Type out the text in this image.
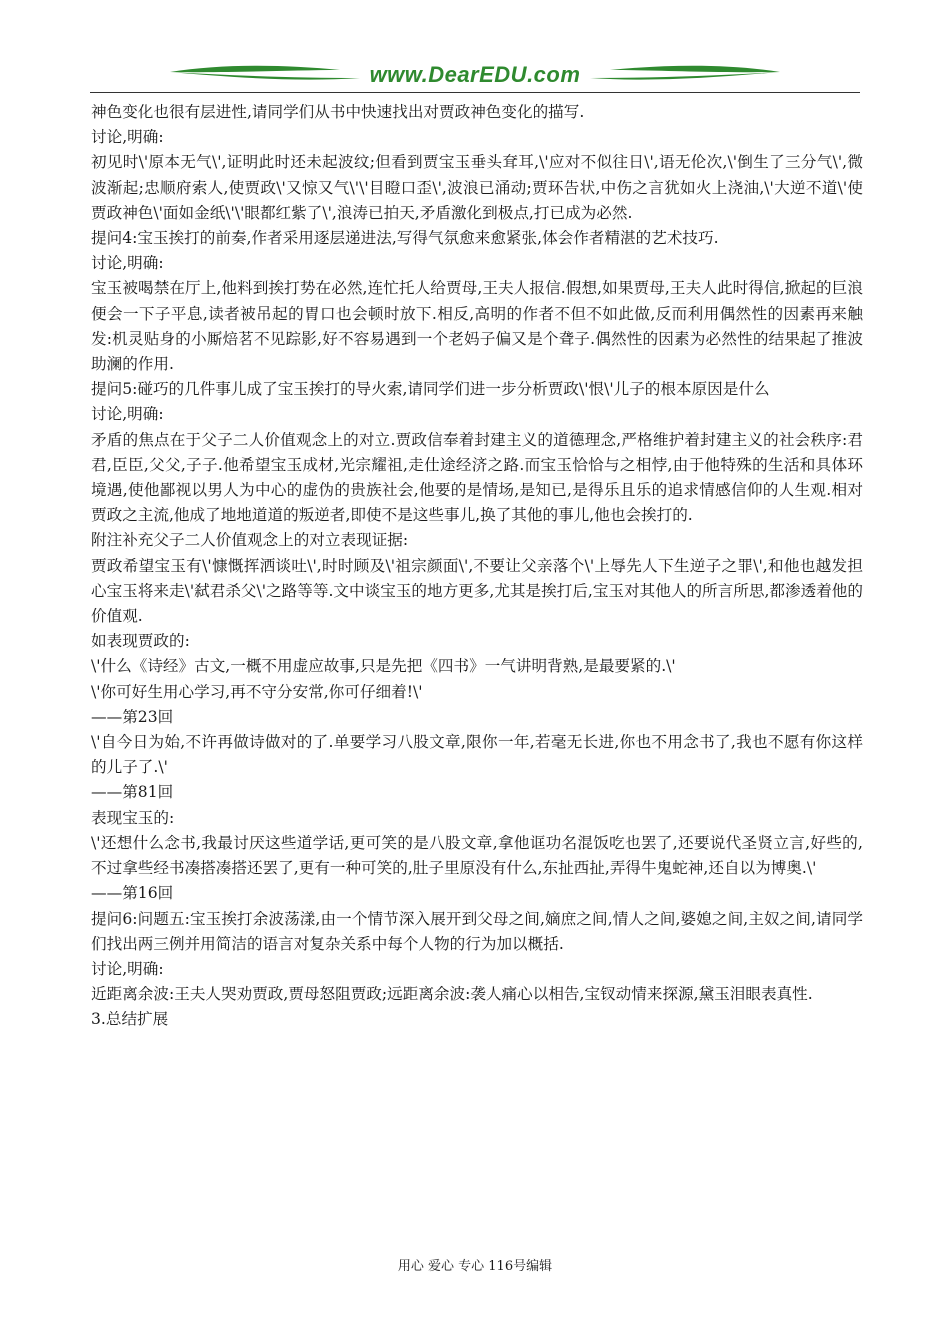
www.DearEDU.com

神色变化也很有层进性,请同学们从书中快速找出对贾政神色变化的描写.

讨论,明确:

初见时\'原本无气\',证明此时还未起波纹;但看到贾宝玉垂头耷耳,\'应对不似往日\',语无伦次,\'倒生了三分气\',微波渐起;忠顺府索人,使贾政\'又惊又气\'\'目瞪口歪\',波浪已涌动;贾环告状,中伤之言犹如火上浇油,\'大逆不道\'使贾政神色\'面如金纸\'\'眼都红紫了\',浪涛已拍天,矛盾激化到极点,打已成为必然.

提问4:宝玉挨打的前奏,作者采用逐层递进法,写得气氛愈来愈紧张,体会作者精湛的艺术技巧.

讨论,明确:

宝玉被喝禁在厅上,他料到挨打势在必然,连忙托人给贾母,王夫人报信.假想,如果贾母,王夫人此时得信,掀起的巨浪便会一下子平息,读者被吊起的胃口也会顿时放下.相反,高明的作者不但不如此做,反而利用偶然性的因素再来触发:机灵贴身的小厮焙茗不见踪影,好不容易遇到一个老妈子偏又是个聋子.偶然性的因素为必然性的结果起了推波助澜的作用.

提问5:碰巧的几件事儿成了宝玉挨打的导火索,请同学们进一步分析贾政\'恨\'儿子的根本原因是什么

讨论,明确:

矛盾的焦点在于父子二人价值观念上的对立.贾政信奉着封建主义的道德理念,严格维护着封建主义的社会秩序:君君,臣臣,父父,子子.他希望宝玉成材,光宗耀祖,走仕途经济之路.而宝玉恰恰与之相悖,由于他特殊的生活和具体环境遇,使他鄙视以男人为中心的虚伪的贵族社会,他要的是情场,是知已,是得乐且乐的追求情感信仰的人生观.相对贾政之主流,他成了地地道道的叛逆者,即使不是这些事儿,换了其他的事儿,他也会挨打的.

附注补充父子二人价值观念上的对立表现证据:

贾政希望宝玉有\'慷慨挥洒谈吐\',时时顾及\'祖宗颜面\',不要让父亲落个\'上辱先人下生逆子之罪\',和他也越发担心宝玉将来走\'弑君杀父\'之路等等.文中谈宝玉的地方更多,尤其是挨打后,宝玉对其他人的所言所思,都渗透着他的价值观.

如表现贾政的:

\'什么《诗经》古文,一概不用虚应故事,只是先把《四书》一气讲明背熟,是最要紧的.\'

\'你可好生用心学习,再不守分安常,你可仔细着!\'

——第23回

\'自今日为始,不许再做诗做对的了.单要学习八股文章,限你一年,若毫无长进,你也不用念书了,我也不愿有你这样的儿子了.\'

——第81回

表现宝玉的:

\'还想什么念书,我最讨厌这些道学话,更可笑的是八股文章,拿他诓功名混饭吃也罢了,还要说代圣贤立言,好些的,不过拿些经书凑搭凑搭还罢了,更有一种可笑的,肚子里原没有什么,东扯西扯,弄得牛鬼蛇神,还自以为博奥.\'

——第16回

提问6:问题五:宝玉挨打余波荡漾,由一个情节深入展开到父母之间,嫡庶之间,情人之间,婆媳之间,主奴之间,请同学们找出两三例并用简洁的语言对复杂关系中每个人物的行为加以概括.

讨论,明确:

近距离余波:王夫人哭劝贾政,贾母怒阻贾政;远距离余波:袭人痛心以相告,宝钗动情来探源,黛玉泪眼表真性.

3.总结扩展

用心 爱心 专心 116号编辑
